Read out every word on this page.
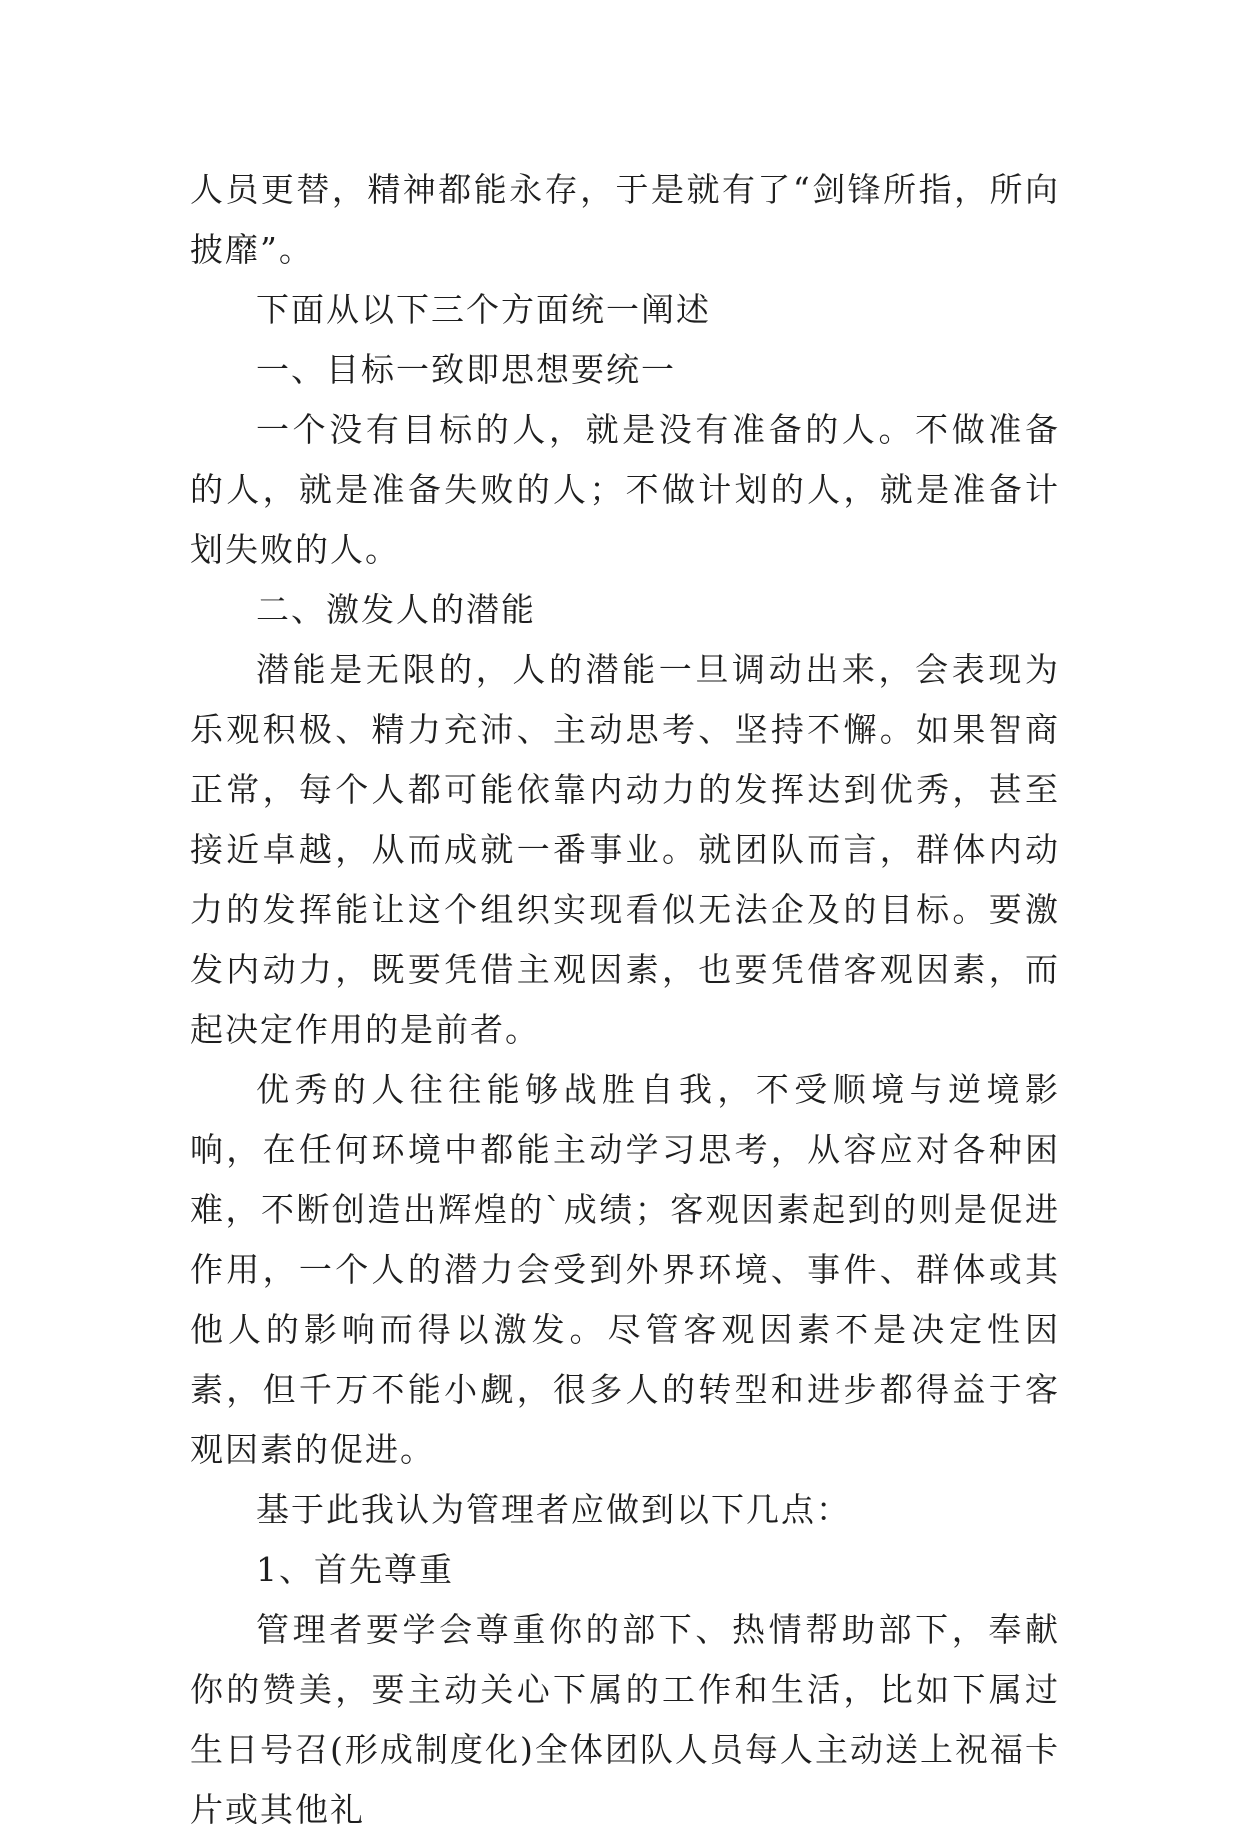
人员更替，精神都能永存，于是就有了“剑锋所指，所向披靡”。

下面从以下三个方面统一阐述

一、目标一致即思想要统一

一个没有目标的人，就是没有准备的人。不做准备的人，就是准备失败的人；不做计划的人，就是准备计划失败的人。

二、激发人的潜能

潜能是无限的，人的潜能一旦调动出来，会表现为乐观积极、精力充沛、主动思考、坚持不懈。如果智商正常，每个人都可能依靠内动力的发挥达到优秀，甚至接近卓越，从而成就一番事业。就团队而言，群体内动力的发挥能让这个组织实现看似无法企及的目标。要激发内动力，既要凭借主观因素，也要凭借客观因素，而起决定作用的是前者。

优秀的人往往能够战胜自我，不受顺境与逆境影响，在任何环境中都能主动学习思考，从容应对各种困难，不断创造出辉煌的`成绩；客观因素起到的则是促进作用，一个人的潜力会受到外界环境、事件、群体或其他人的影响而得以激发。尽管客观因素不是决定性因素，但千万不能小觑，很多人的转型和进步都得益于客观因素的促进。

基于此我认为管理者应做到以下几点：

1、首先尊重

管理者要学会尊重你的部下、热情帮助部下，奉献你的赞美，要主动关心下属的工作和生活，比如下属过生日号召(形成制度化)全体团队人员每人主动送上祝福卡片或其他礼
